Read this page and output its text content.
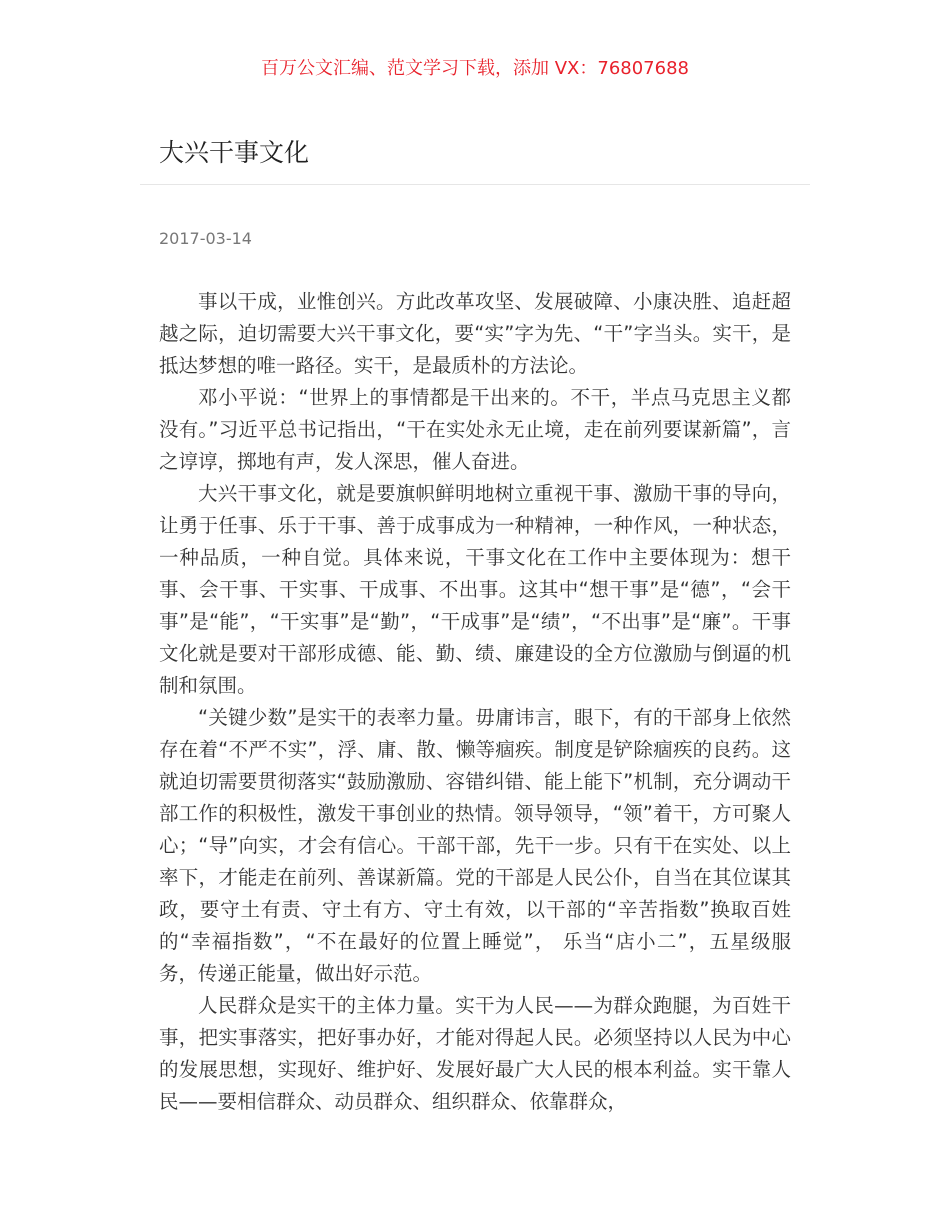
百万公文汇编、范文学习下载，添加 VX：76807688
大兴干事文化
2017-03-14

事以干成，业惟创兴。方此改革攻坚、发展破障、小康决胜、追赶超越之际，迫切需要大兴干事文化，要“实”字为先、“干”字当头。实干，是抵达梦想的唯一路径。实干，是最质朴的方法论。

邓小平说：“世界上的事情都是干出来的。不干，半点马克思主义都没有。”习近平总书记指出，“干在实处永无止境，走在前列要谋新篇”，言之谆谆，掷地有声，发人深思，催人奋进。

大兴干事文化，就是要旗帜鲜明地树立重视干事、激励干事的导向，让勇于任事、乐于干事、善于成事成为一种精神，一种作风，一种状态，一种品质，一种自觉。具体来说，干事文化在工作中主要体现为：想干事、会干事、干实事、干成事、不出事。这其中“想干事”是“德”，“会干事”是“能”，“干实事”是“勤”，“干成事”是“绩”，“不出事”是“廉”。干事文化就是要对干部形成德、能、勤、绩、廉建设的全方位激励与倒逼的机制和氛围。

“关键少数”是实干的表率力量。毋庸讳言，眼下，有的干部身上依然存在着“不严不实”，浮、庸、散、懒等痼疾。制度是铲除痼疾的良药。这就迫切需要贯彻落实“鼓励激励、容错纠错、能上能下”机制，充分调动干部工作的积极性，激发干事创业的热情。领导领导，“领”着干，方可聚人心；“导”向实，才会有信心。干部干部，先干一步。只有干在实处、以上率下，才能走在前列、善谋新篇。党的干部是人民公仆，自当在其位谋其政，要守土有责、守土有方、守土有效，以干部的“辛苦指数”换取百姓的“幸福指数”，“不在最好的位置上睡觉”， 乐当“店小二”，五星级服务，传递正能量，做出好示范。

人民群众是实干的主体力量。实干为人民——为群众跑腿，为百姓干事，把实事落实，把好事办好，才能对得起人民。必须坚持以人民为中心的发展思想，实现好、维护好、发展好最广大人民的根本利益。实干靠人民——要相信群众、动员群众、组织群众、依靠群众，
